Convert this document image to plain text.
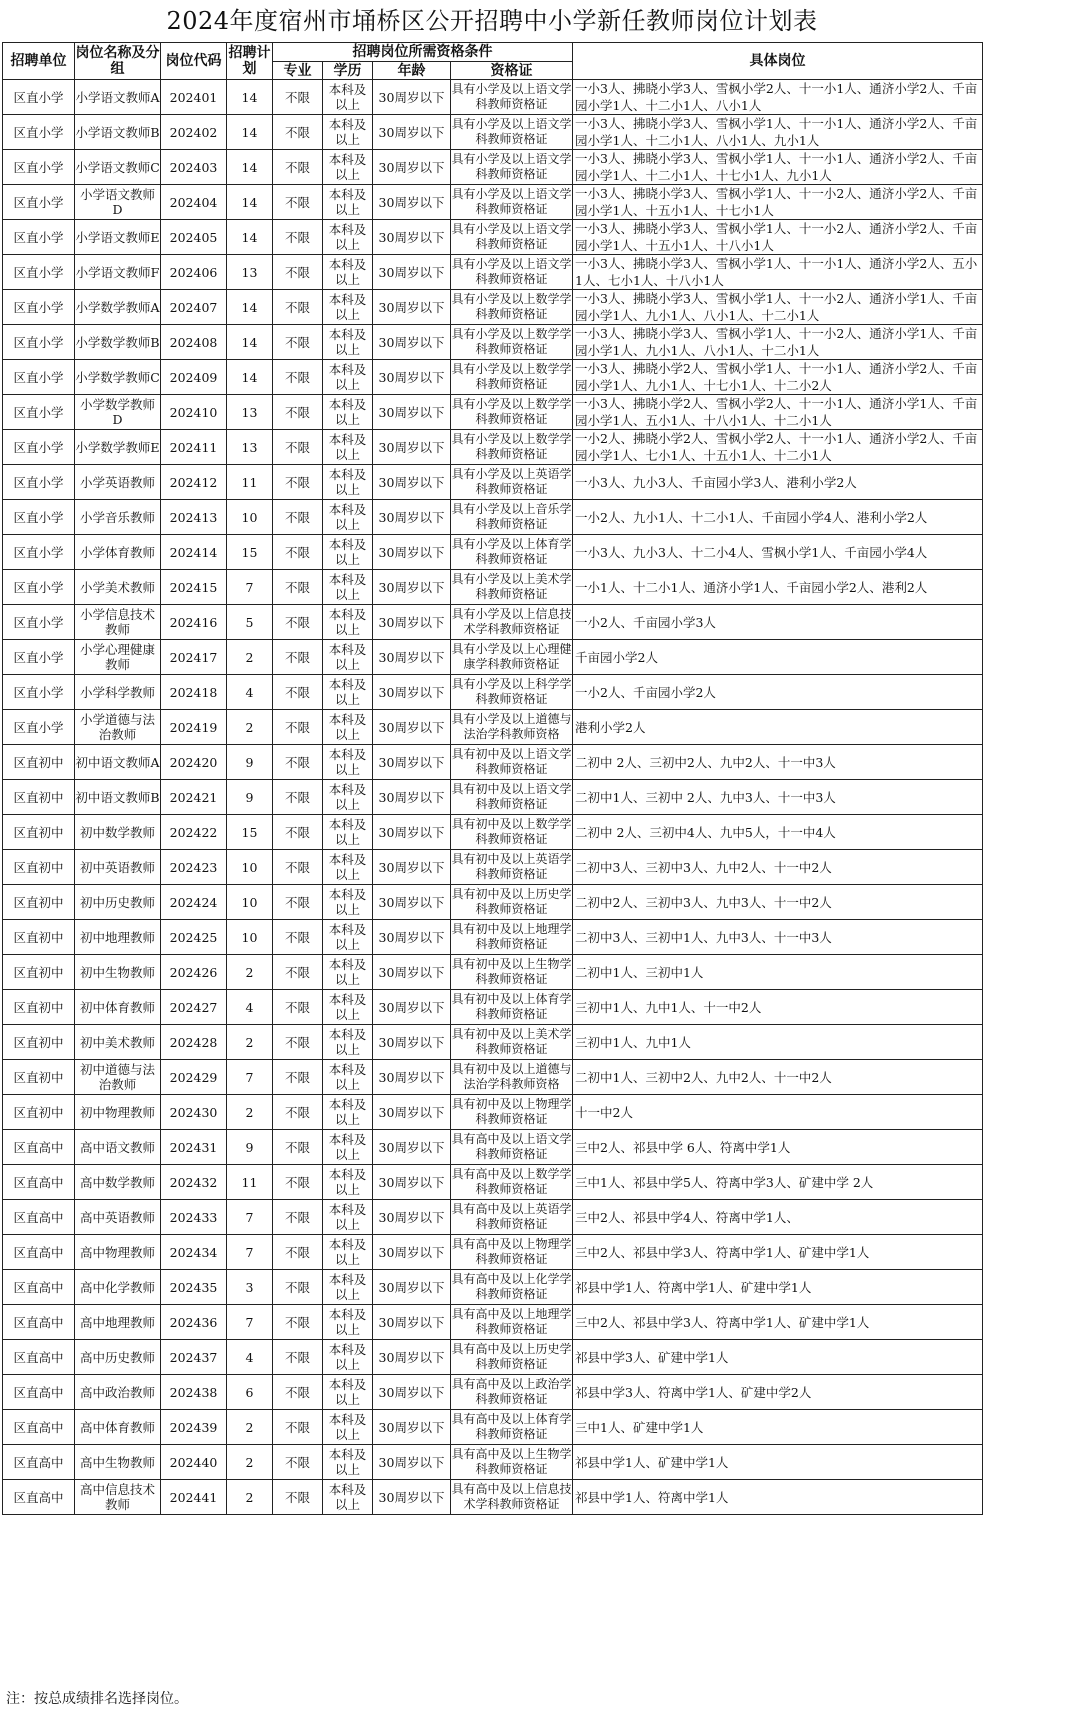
2024年度宿州市埇桥区公开招聘中小学新任教师岗位计划表
招聘单位	岗位名称及分组	岗位代码	招聘计划	招聘岗位所需资格条件				具体岗位
				专业	学历	年龄	资格证	
区直小学	小学语文教师A	202401	14	不限	本科及以上	30周岁以下	具有小学及以上语文学科教师资格证	一小3人、拂晓小学3人、雪枫小学2人、十一小1人、通济小学2人、千亩园小学1人、十二小1人、八小1人
区直小学	小学语文教师B	202402	14	不限	本科及以上	30周岁以下	具有小学及以上语文学科教师资格证	一小3人、拂晓小学3人、雪枫小学1人、十一小1人、通济小学2人、千亩园小学1人、十二小1人、八小1人、九小1人
区直小学	小学语文教师C	202403	14	不限	本科及以上	30周岁以下	具有小学及以上语文学科教师资格证	一小3人、拂晓小学3人、雪枫小学1人、十一小1人、通济小学2人、千亩园小学1人、十二小1人、十七小1人、九小1人
区直小学	小学语文教师D	202404	14	不限	本科及以上	30周岁以下	具有小学及以上语文学科教师资格证	一小3人、拂晓小学3人、雪枫小学1人、十一小2人、通济小学2人、千亩园小学1人、十五小1人、十七小1人
区直小学	小学语文教师E	202405	14	不限	本科及以上	30周岁以下	具有小学及以上语文学科教师资格证	一小3人、拂晓小学3人、雪枫小学1人、十一小2人、通济小学2人、千亩园小学1人、十五小1人、十八小1人
区直小学	小学语文教师F	202406	13	不限	本科及以上	30周岁以下	具有小学及以上语文学科教师资格证	一小3人、拂晓小学3人、雪枫小学1人、十一小1人、通济小学2人、五小1人、七小1人、十八小1人
区直小学	小学数学教师A	202407	14	不限	本科及以上	30周岁以下	具有小学及以上数学学科教师资格证	一小3人、拂晓小学3人、雪枫小学1人、十一小2人、通济小学1人、千亩园小学1人、九小1人、八小1人、十二小1人
区直小学	小学数学教师B	202408	14	不限	本科及以上	30周岁以下	具有小学及以上数学学科教师资格证	一小3人、拂晓小学3人、雪枫小学1人、十一小2人、通济小学1人、千亩园小学1人、九小1人、八小1人、十二小1人
区直小学	小学数学教师C	202409	14	不限	本科及以上	30周岁以下	具有小学及以上数学学科教师资格证	一小3人、拂晓小学2人、雪枫小学1人、十一小1人、通济小学2人、千亩园小学1人、九小1人、十七小1人、十二小2人
区直小学	小学数学教师D	202410	13	不限	本科及以上	30周岁以下	具有小学及以上数学学科教师资格证	一小3人、拂晓小学2人、雪枫小学2人、十一小1人、通济小学1人、千亩园小学1人、五小1人、十八小1人、十二小1人
区直小学	小学数学教师E	202411	13	不限	本科及以上	30周岁以下	具有小学及以上数学学科教师资格证	一小2人、拂晓小学2人、雪枫小学2人、十一小1人、通济小学2人、千亩园小学1人、七小1人、十五小1人、十二小1人
区直小学	小学英语教师	202412	11	不限	本科及以上	30周岁以下	具有小学及以上英语学科教师资格证	一小3人、九小3人、千亩园小学3人、港利小学2人
区直小学	小学音乐教师	202413	10	不限	本科及以上	30周岁以下	具有小学及以上音乐学科教师资格证	一小2人、九小1人、十二小1人、千亩园小学4人、港利小学2人
区直小学	小学体育教师	202414	15	不限	本科及以上	30周岁以下	具有小学及以上体育学科教师资格证	一小3人、九小3人、十二小4人、雪枫小学1人、千亩园小学4人
区直小学	小学美术教师	202415	7	不限	本科及以上	30周岁以下	具有小学及以上美术学科教师资格证	一小1人、十二小1人、通济小学1人、千亩园小学2人、港利2人
区直小学	小学信息技术教师	202416	5	不限	本科及以上	30周岁以下	具有小学及以上信息技术学科教师资格证	一小2人、千亩园小学3人
区直小学	小学心理健康教师	202417	2	不限	本科及以上	30周岁以下	具有小学及以上心理健康学科教师资格证	千亩园小学2人
区直小学	小学科学教师	202418	4	不限	本科及以上	30周岁以下	具有小学及以上科学学科教师资格证	一小2人、千亩园小学2人
区直小学	小学道德与法治教师	202419	2	不限	本科及以上	30周岁以下	具有小学及以上道德与法治学科教师资格	港利小学2人
区直初中	初中语文教师A	202420	9	不限	本科及以上	30周岁以下	具有初中及以上语文学科教师资格证	二初中 2人、三初中2人、九中2人、十一中3人
区直初中	初中语文教师B	202421	9	不限	本科及以上	30周岁以下	具有初中及以上语文学科教师资格证	二初中1人、三初中 2人、九中3人、十一中3人
区直初中	初中数学教师	202422	15	不限	本科及以上	30周岁以下	具有初中及以上数学学科教师资格证	二初中 2人、三初中4人、九中5人，十一中4人
区直初中	初中英语教师	202423	10	不限	本科及以上	30周岁以下	具有初中及以上英语学科教师资格证	二初中3人、三初中3人、九中2人、十一中2人
区直初中	初中历史教师	202424	10	不限	本科及以上	30周岁以下	具有初中及以上历史学科教师资格证	二初中2人、三初中3人、九中3人、十一中2人
区直初中	初中地理教师	202425	10	不限	本科及以上	30周岁以下	具有初中及以上地理学科教师资格证	二初中3人、三初中1人、九中3人、十一中3人
区直初中	初中生物教师	202426	2	不限	本科及以上	30周岁以下	具有初中及以上生物学科教师资格证	二初中1人、三初中1人
区直初中	初中体育教师	202427	4	不限	本科及以上	30周岁以下	具有初中及以上体育学科教师资格证	三初中1人、九中1人、十一中2人
区直初中	初中美术教师	202428	2	不限	本科及以上	30周岁以下	具有初中及以上美术学科教师资格证	三初中1人、九中1人
区直初中	初中道德与法治教师	202429	7	不限	本科及以上	30周岁以下	具有初中及以上道德与法治学科教师资格	二初中1人、三初中2人、九中2人、十一中2人
区直初中	初中物理教师	202430	2	不限	本科及以上	30周岁以下	具有初中及以上物理学科教师资格证	十一中2人
区直高中	高中语文教师	202431	9	不限	本科及以上	30周岁以下	具有高中及以上语文学科教师资格证	三中2人、祁县中学 6人、符离中学1人
区直高中	高中数学教师	202432	11	不限	本科及以上	30周岁以下	具有高中及以上数学学科教师资格证	三中1人、祁县中学5人、符离中学3人、矿建中学 2人
区直高中	高中英语教师	202433	7	不限	本科及以上	30周岁以下	具有高中及以上英语学科教师资格证	三中2人、祁县中学4人、符离中学1人、
区直高中	高中物理教师	202434	7	不限	本科及以上	30周岁以下	具有高中及以上物理学科教师资格证	三中2人、祁县中学3人、符离中学1人、矿建中学1人
区直高中	高中化学教师	202435	3	不限	本科及以上	30周岁以下	具有高中及以上化学学科教师资格证	祁县中学1人、符离中学1人、矿建中学1人
区直高中	高中地理教师	202436	7	不限	本科及以上	30周岁以下	具有高中及以上地理学科教师资格证	三中2人、祁县中学3人、符离中学1人、矿建中学1人
区直高中	高中历史教师	202437	4	不限	本科及以上	30周岁以下	具有高中及以上历史学科教师资格证	祁县中学3人、矿建中学1人
区直高中	高中政治教师	202438	6	不限	本科及以上	30周岁以下	具有高中及以上政治学科教师资格证	祁县中学3人、符离中学1人、矿建中学2人
区直高中	高中体育教师	202439	2	不限	本科及以上	30周岁以下	具有高中及以上体育学科教师资格证	三中1人、矿建中学1人
区直高中	高中生物教师	202440	2	不限	本科及以上	30周岁以下	具有高中及以上生物学科教师资格证	祁县中学1人、矿建中学1人
区直高中	高中信息技术教师	202441	2	不限	本科及以上	30周岁以下	具有高中及以上信息技术学科教师资格证	祁县中学1人、符离中学1人
注：按总成绩排名选择岗位。
